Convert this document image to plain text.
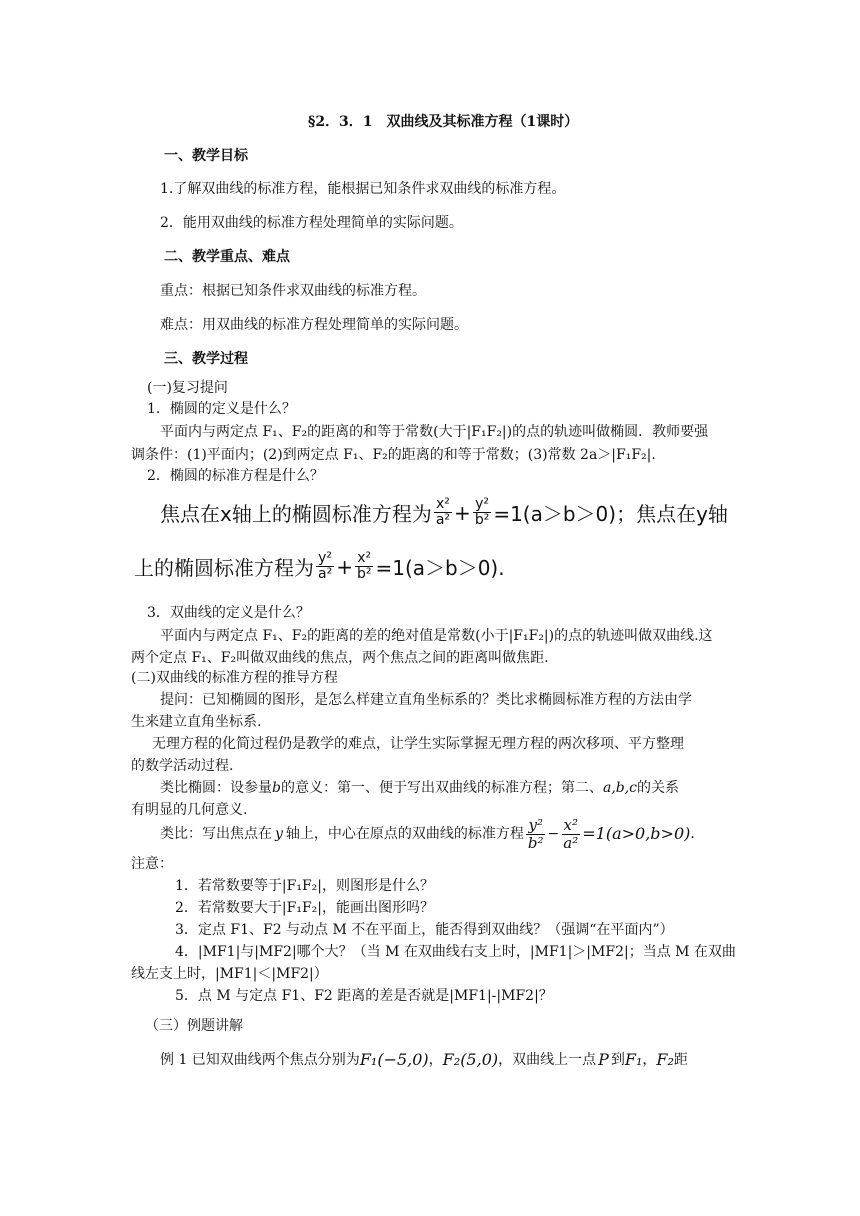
§2．3．1　双曲线及其标准方程（1课时）
一、教学目标
1.了解双曲线的标准方程，能根据已知条件求双曲线的标准方程。
2．能用双曲线的标准方程处理简单的实际问题。
二、教学重点、难点
重点：根据已知条件求双曲线的标准方程。
难点：用双曲线的标准方程处理简单的实际问题。
三、教学过程
(一)复习提问
1．椭圆的定义是什么？
平面内与两定点 F₁、F₂的距离的和等于常数(大于|F₁F₂|)的点的轨迹叫做椭圆．教师要强
调条件：(1)平面内；(2)到两定点 F₁、F₂的距离的和等于常数；(3)常数 2a＞|F₁F₂|.
2．椭圆的标准方程是什么？
焦点在x轴上的椭圆标准方程为 $\frac{\text{x²}}{\text{a²}} + \frac{\text{y²}}{\text{b²}} =1(a>b>0)$；焦点在y轴
上的椭圆标准方程为 $\frac{\text{y²}}{\text{a²}} + \frac{\text{x²}}{\text{b²}} =1(a>b>0)$.
3．双曲线的定义是什么？
平面内与两定点 F₁、F₂的距离的差的绝对值是常数(小于|F₁F₂|)的点的轨迹叫做双曲线.这
两个定点 F₁、F₂叫做双曲线的焦点，两个焦点之间的距离叫做焦距.
(二)双曲线的标准方程的推导方程
提问：已知椭圆的图形，是怎么样建立直角坐标系的？类比求椭圆标准方程的方法由学
生来建立直角坐标系.
无理方程的化简过程仍是教学的难点，让学生实际掌握无理方程的两次移项、平方整理
的数学活动过程.
类比椭圆：设参量b的意义：第一、便于写出双曲线的标准方程；第二、a,b,c的关系
有明显的几何意义.
类比：写出焦点在 y 轴上，中心在原点的双曲线的标准方程 $\frac{\text{y²}}{\text{b²}} - \frac{\text{x²}}{\text{a²}} =1(a>0,b>0)$ .
注意：
1．若常数要等于|F₁F₂|，则图形是什么？
2．若常数要大于|F₁F₂|，能画出图形吗？
3．定点 F1、F2 与动点 M 不在平面上，能否得到双曲线？（强调“在平面内”）
4．|MF1|与|MF2|哪个大？（当 M 在双曲线右支上时，|MF1|＞|MF2|；当点 M 在双曲
线左支上时，|MF1|＜|MF2|）
5．点 M 与定点 F1、F2 距离的差是否就是|MF1|-|MF2|？
（三）例题讲解
例 1 已知双曲线两个焦点分别为 F₁(−5,0) ， F₂(5,0) ，双曲线上一点 P 到 F₁ ， F₂ 距
